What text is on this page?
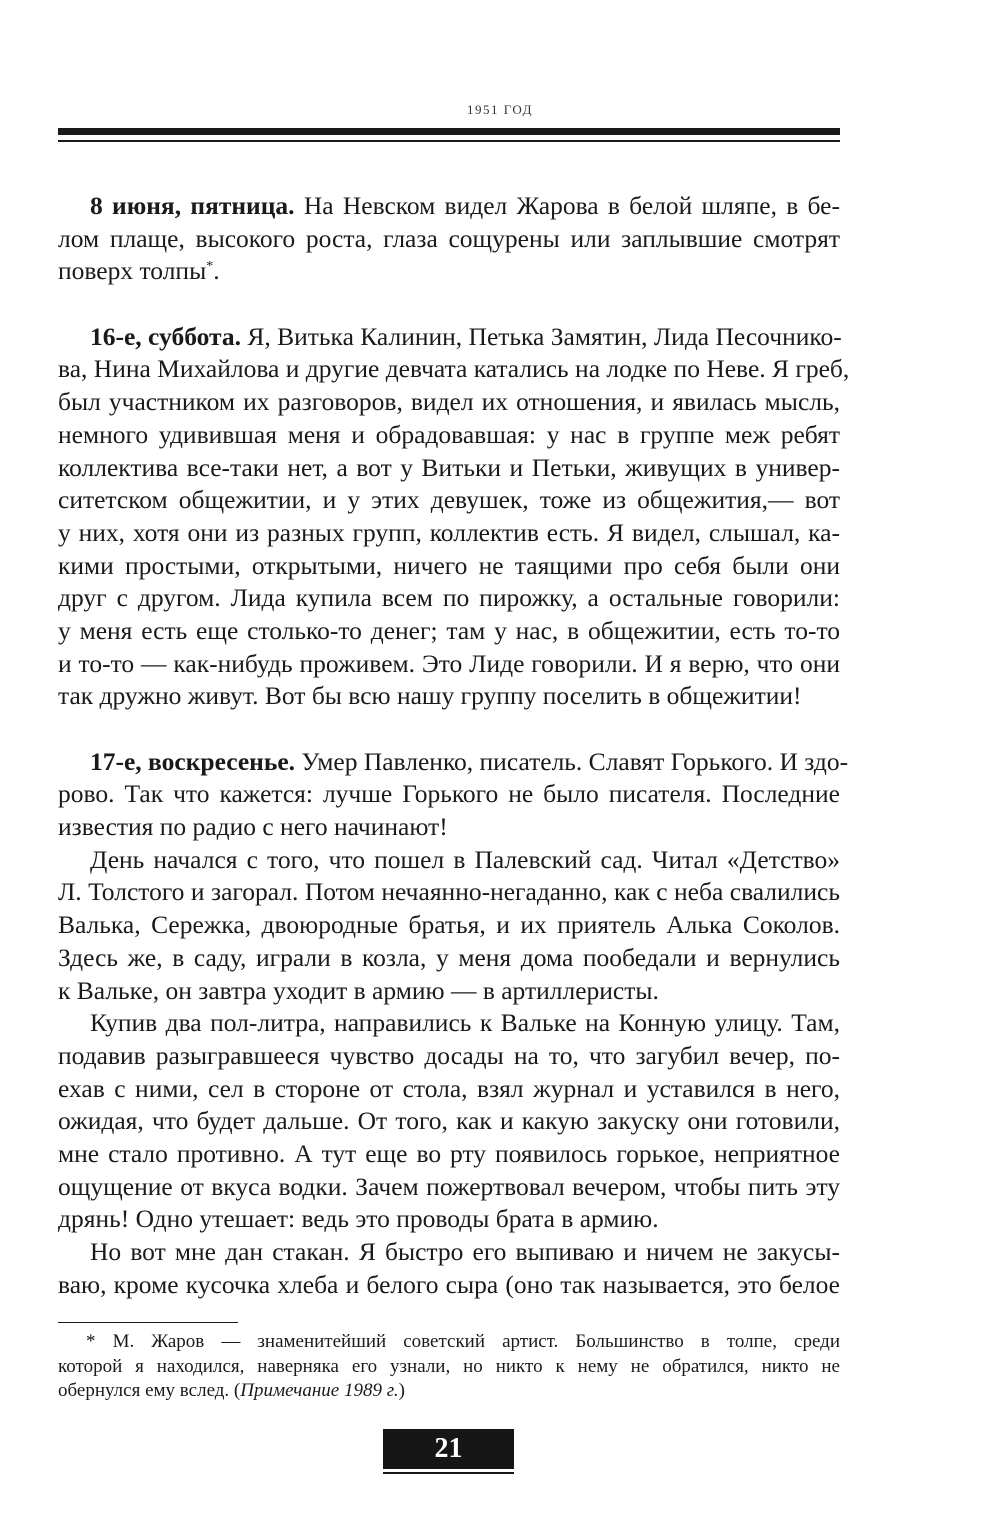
1951 ГОД
8 июня, пятница. На Невском видел Жарова в белой шляпе, в бе-
лом плаще, высокого роста, глаза сощурены или заплывшие смотрят
поверх толпы*.
16-е, суббота. Я, Витька Калинин, Петька Замятин, Лида Песочнико-
ва, Нина Михайлова и другие девчата катались на лодке по Неве. Я греб,
был участником их разговоров, видел их отношения, и явилась мысль,
немного удивившая меня и обрадовавшая: у нас в группе меж ребят
коллектива все-таки нет, а вот у Витьки и Петьки, живущих в универ-
ситетском общежитии, и у этих девушек, тоже из общежития,— вот
у них, хотя они из разных групп, коллектив есть. Я видел, слышал, ка-
кими простыми, открытыми, ничего не таящими про себя были они
друг с другом. Лида купила всем по пирожку, а остальные говорили:
у меня есть еще столько-то денег; там у нас, в общежитии, есть то-то
и то-то — как-нибудь проживем. Это Лиде говорили. И я верю, что они
так дружно живут. Вот бы всю нашу группу поселить в общежитии!
17-е, воскресенье. Умер Павленко, писатель. Славят Горького. И здо-
рово. Так что кажется: лучше Горького не было писателя. Последние
известия по радио с него начинают!
День начался с того, что пошел в Палевский сад. Читал «Детство»
Л. Толстого и загорал. Потом нечаянно-негаданно, как с неба свалились
Валька, Сережка, двоюродные братья, и их приятель Алька Соколов.
Здесь же, в саду, играли в козла, у меня дома пообедали и вернулись
к Вальке, он завтра уходит в армию — в артиллеристы.
Купив два пол-литра, направились к Вальке на Конную улицу. Там,
подавив разыгравшееся чувство досады на то, что загубил вечер, по-
ехав с ними, сел в стороне от стола, взял журнал и уставился в него,
ожидая, что будет дальше. От того, как и какую закуску они готовили,
мне стало противно. А тут еще во рту появилось горькое, неприятное
ощущение от вкуса водки. Зачем пожертвовал вечером, чтобы пить эту
дрянь! Одно утешает: ведь это проводы брата в армию.
Но вот мне дан стакан. Я быстро его выпиваю и ничем не закусы-
ваю, кроме кусочка хлеба и белого сыра (оно так называется, это белое
* М. Жаров — знаменитейший советский артист. Большинство в толпе, среди
которой я находился, наверняка его узнали, но никто к нему не обратился, никто не
обернулся ему вслед. (Примечание 1989 г.)
21
